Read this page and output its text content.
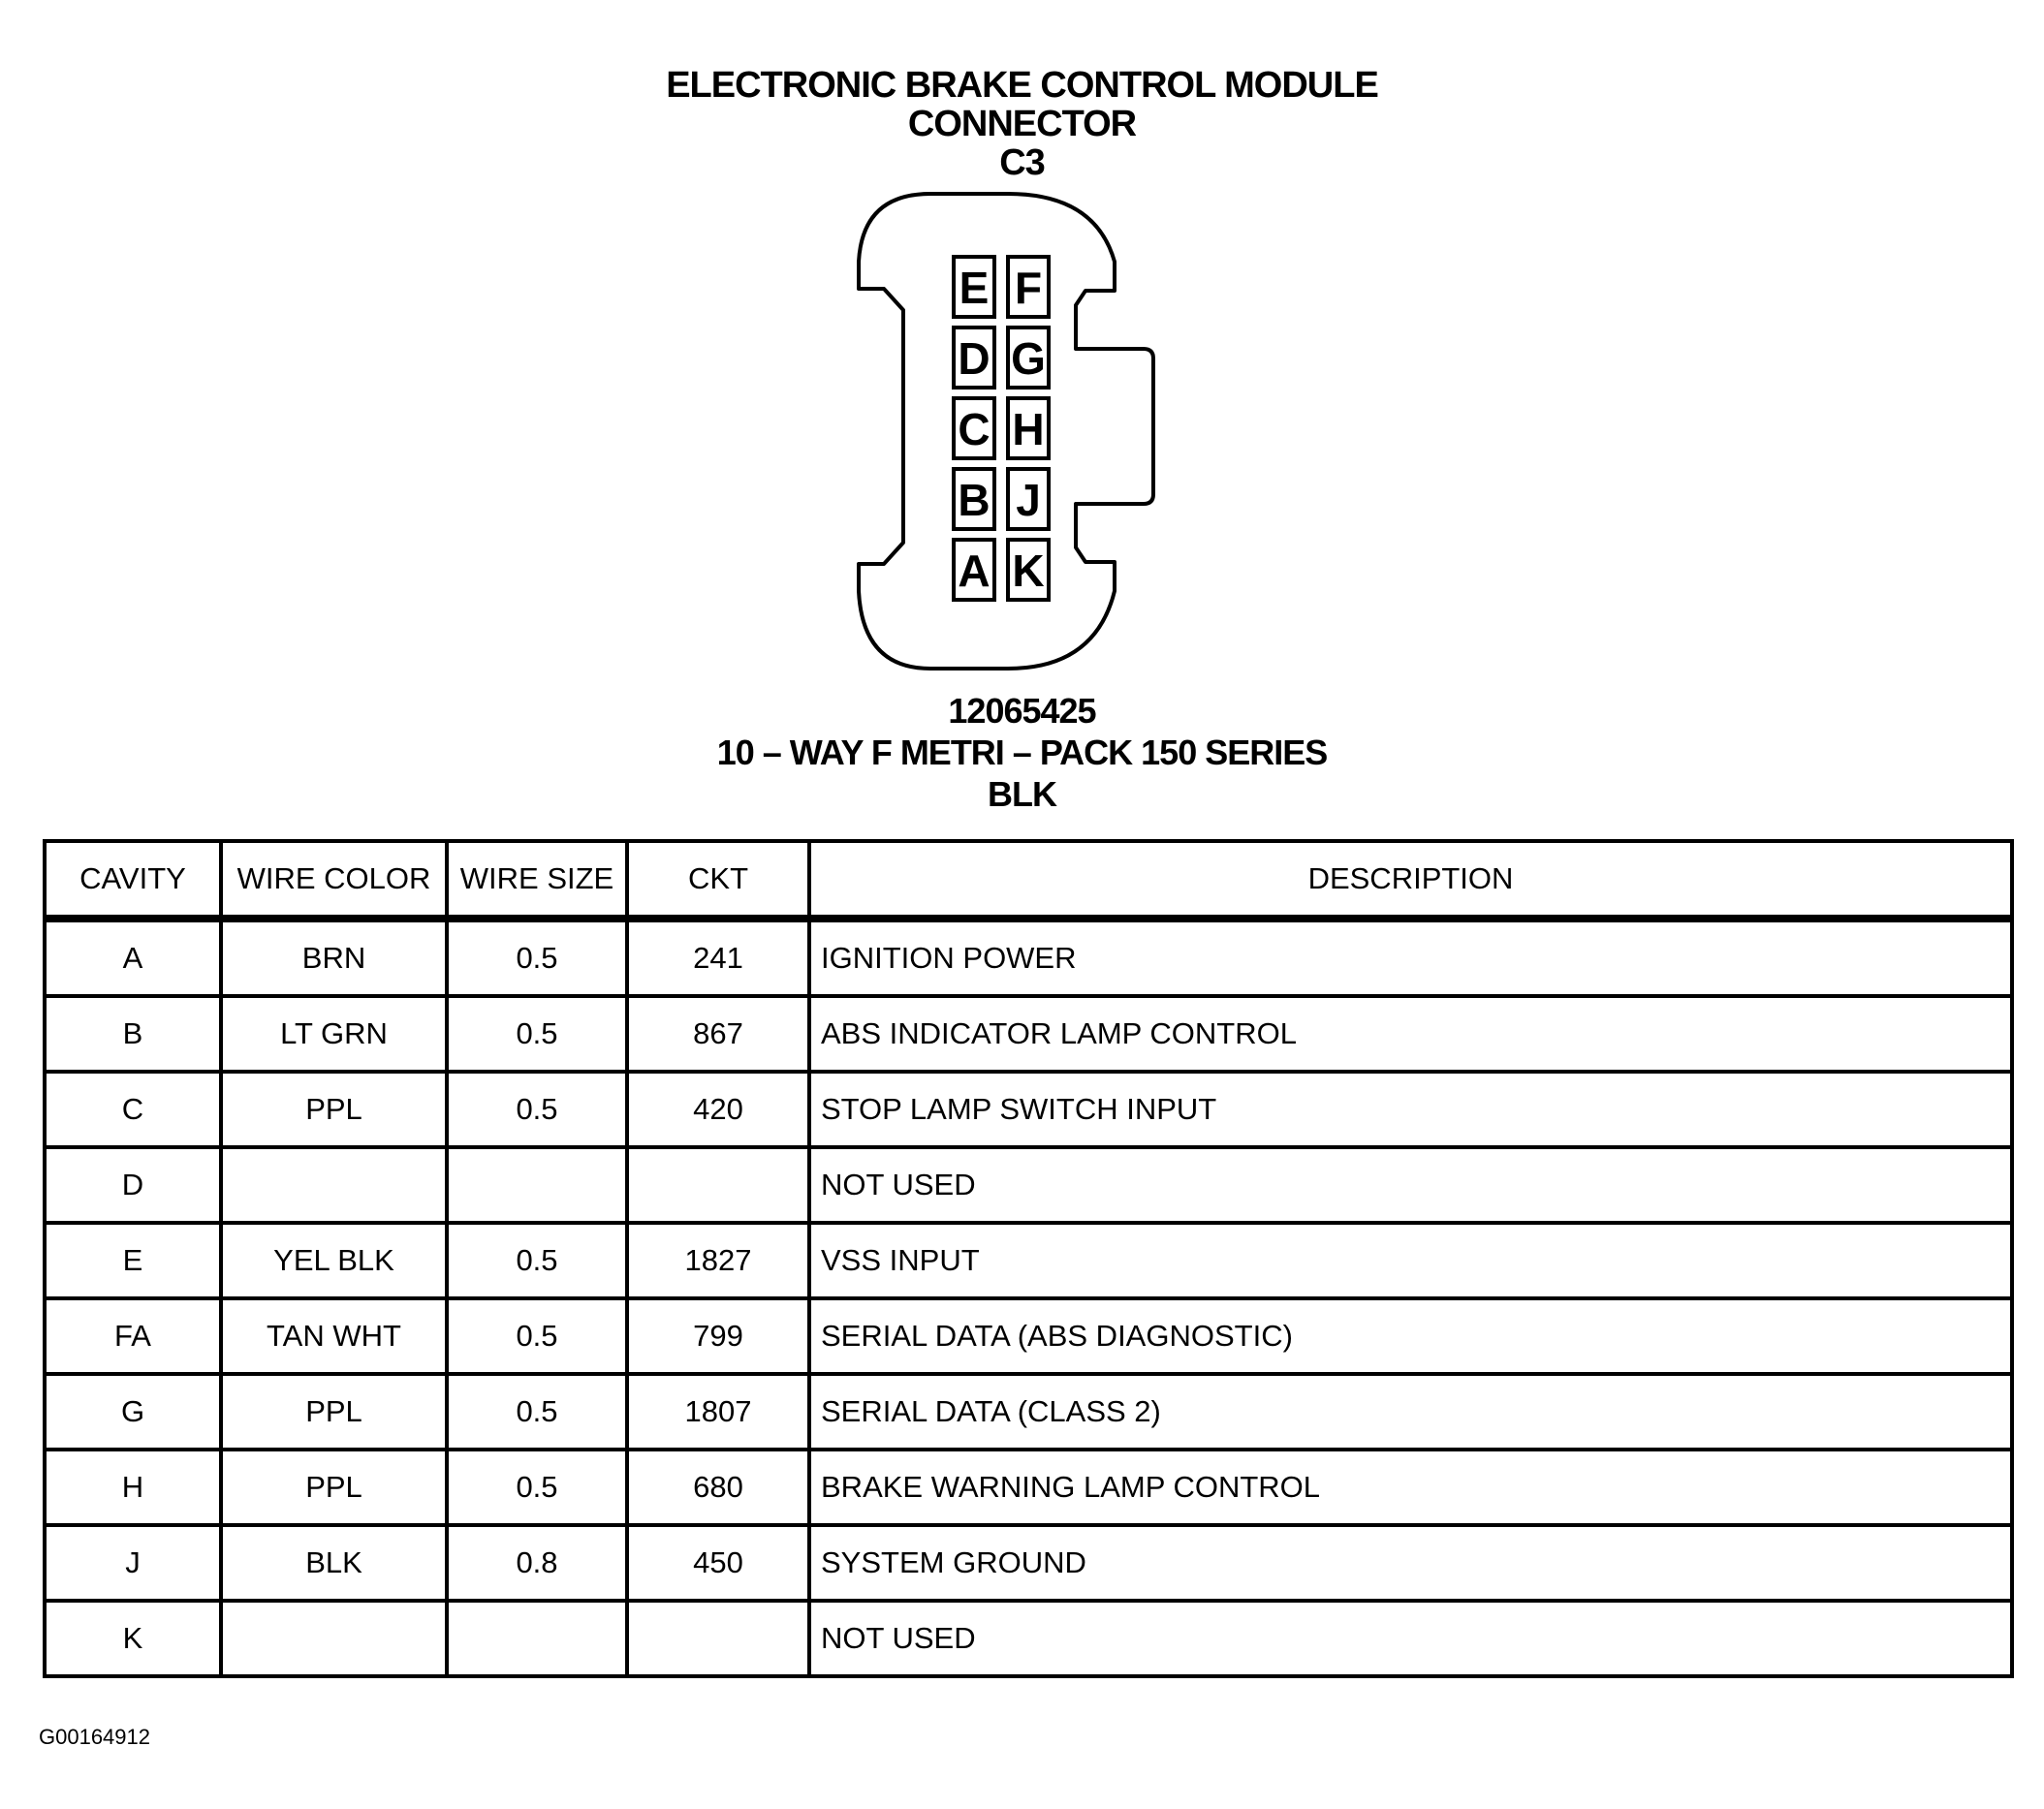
ELECTRONIC BRAKE CONTROL MODULE
CONNECTOR
C3
E
D
C
B
A
F
G
H
J
K
12065425
10 – WAY F METRI – PACK 150 SERIES
BLK
CAVITY	WIRE COLOR	WIRE SIZE	CKT	DESCRIPTION
A	BRN	0.5	241	IGNITION POWER
B	LT GRN	0.5	867	ABS INDICATOR LAMP CONTROL
C	PPL	0.5	420	STOP LAMP SWITCH INPUT
D				NOT USED
E	YEL BLK	0.5	1827	VSS INPUT
FA	TAN WHT	0.5	799	SERIAL DATA (ABS DIAGNOSTIC)
G	PPL	0.5	1807	SERIAL DATA (CLASS 2)
H	PPL	0.5	680	BRAKE WARNING LAMP CONTROL
J	BLK	0.8	450	SYSTEM GROUND
K				NOT USED
G00164912
